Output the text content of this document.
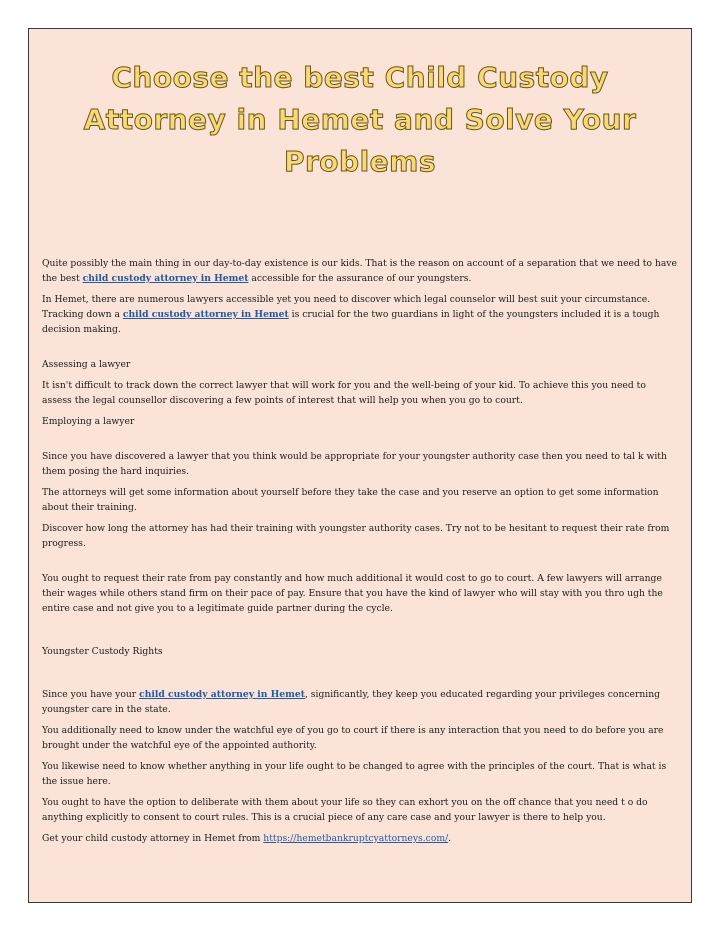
Choose the best Child Custody
Attorney in Hemet and Solve Your
Problems

Quite possibly the main thing in our day-to-day existence is our kids. That is the reason on account of a separation that we need to have the best child custody attorney in Hemet accessible for the assurance of our youngsters.

In Hemet, there are numerous lawyers accessible yet you need to discover which legal counselor will best suit your circumstance. Tracking down a child custody attorney in Hemet is crucial for the two guardians in light of the youngsters included it is a tough decision making.

Assessing a lawyer

It isn't difficult to track down the correct lawyer that will work for you and the well-being of your kid. To achieve this you need to assess the legal counsellor discovering a few points of interest that will help you when you go to court.

Employing a lawyer

Since you have discovered a lawyer that you think would be appropriate for your youngster authority case then you need to tal k with them posing the hard inquiries.

The attorneys will get some information about yourself before they take the case and you reserve an option to get some information about their training.

Discover how long the attorney has had their training with youngster authority cases. Try not to be hesitant to request their rate from progress.

You ought to request their rate from pay constantly and how much additional it would cost to go to court. A few lawyers will arrange their wages while others stand firm on their pace of pay. Ensure that you have the kind of lawyer who will stay with you thro ugh the entire case and not give you to a legitimate guide partner during the cycle.

Youngster Custody Rights

Since you have your child custody attorney in Hemet, significantly, they keep you educated regarding your privileges concerning youngster care in the state.

You additionally need to know under the watchful eye of you go to court if there is any interaction that you need to do before you are brought under the watchful eye of the appointed authority.

You likewise need to know whether anything in your life ought to be changed to agree with the principles of the court. That is what is the issue here.

You ought to have the option to deliberate with them about your life so they can exhort you on the off chance that you need t o do anything explicitly to consent to court rules. This is a crucial piece of any care case and your lawyer is there to help you.

Get your child custody attorney in Hemet from https://hemetbankruptcyattorneys.com/.
